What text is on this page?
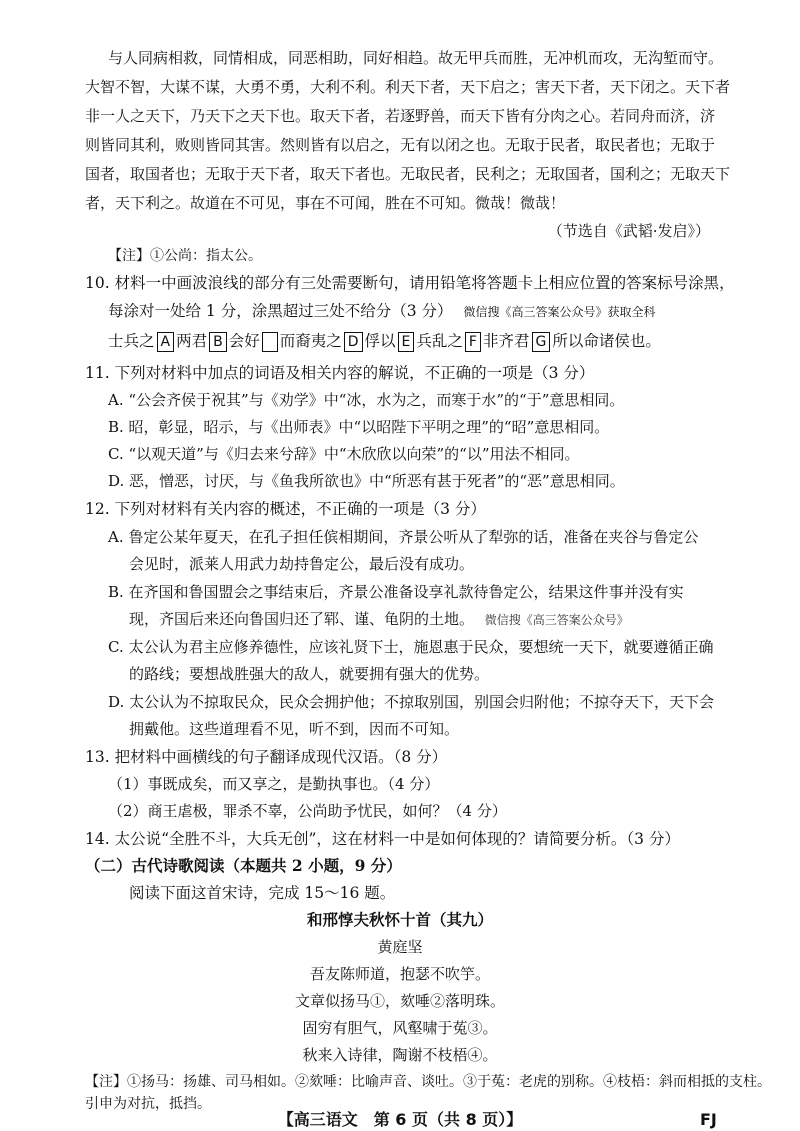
与人同病相救，同情相成，同恶相助，同好相趋。故无甲兵而胜，无冲机而攻，无沟堑而守。
大智不智，大谋不谋，大勇不勇，大利不利。利天下者，天下启之；害天下者，天下闭之。天下者
非一人之天下，乃天下之天下也。取天下者，若逐野兽，而天下皆有分肉之心。若同舟而济，济
则皆同其利，败则皆同其害。然则皆有以启之，无有以闭之也。无取于民者，取民者也；无取于
国者，取国者也；无取于天下者，取天下者也。无取民者，民利之；无取国者，国利之；无取天下
者，天下利之。故道在不可见，事在不可闻，胜在不可知。微哉！微哉！
（节选自《武韬·发启》）
【注】①公尚：指太公。
10. 材料一中画波浪线的部分有三处需要断句，请用铅笔将答题卡上相应位置的答案标号涂黑，
每涂对一处给 1 分，涂黑超过三处不给分（3 分） 微信搜《高三答案公众号》获取全科
士兵之 A 两君 B 会好 而裔夷之 D 俘以 E 兵乱之 F 非齐君 G 所以命诸侯也。
11. 下列对材料中加点的词语及相关内容的解说，不正确的一项是（3 分）
A. “公会齐侯于祝其”与《劝学》中“冰，水为之，而寒于水”的“于”意思相同。
B. 昭，彰显，昭示，与《出师表》中“以昭陛下平明之理”的“昭”意思相同。
C. “以观天道”与《归去来兮辞》中“木欣欣以向荣”的“以”用法不相同。
D. 恶，憎恶，讨厌，与《鱼我所欲也》中“所恶有甚于死者”的“恶”意思相同。
12. 下列对材料有关内容的概述，不正确的一项是（3 分）
A. 鲁定公某年夏天，在孔子担任傧相期间，齐景公听从了犁弥的话，准备在夹谷与鲁定公
会见时，派莱人用武力劫持鲁定公，最后没有成功。
B. 在齐国和鲁国盟会之事结束后，齐景公准备设享礼款待鲁定公，结果这件事并没有实
现，齐国后来还向鲁国归还了郓、谨、龟阴的土地。 微信搜《高三答案公众号》
C. 太公认为君主应修养德性，应该礼贤下士，施恩惠于民众，要想统一天下，就要遵循正确
的路线；要想战胜强大的敌人，就要拥有强大的优势。
D. 太公认为不掠取民众，民众会拥护他；不掠取别国，别国会归附他；不掠夺天下，天下会
拥戴他。这些道理看不见，听不到，因而不可知。
13. 把材料中画横线的句子翻译成现代汉语。（8 分）
（1）事既成矣，而又享之，是勤执事也。（4 分）
（2）商王虐极，罪杀不辜，公尚助予忧民，如何？（4 分）
14. 太公说“全胜不斗，大兵无创”，这在材料一中是如何体现的？请简要分析。（3 分）
（二）古代诗歌阅读（本题共 2 小题，9 分）
阅读下面这首宋诗，完成 15～16 题。
和邢惇夫秋怀十首（其九）
黄庭坚
吾友陈师道，抱瑟不吹竽。
文章似扬马①，欬唾②落明珠。
固穷有胆气，风壑啸于菟③。
秋来入诗律，陶谢不枝梧④。
【注】①扬马：扬雄、司马相如。②欬唾：比喻声音、谈吐。③于菟：老虎的别称。④枝梧：斜而相抵的支柱。
引申为对抗，抵挡。
【高三语文　第 6 页（共 8 页）】	FJ
